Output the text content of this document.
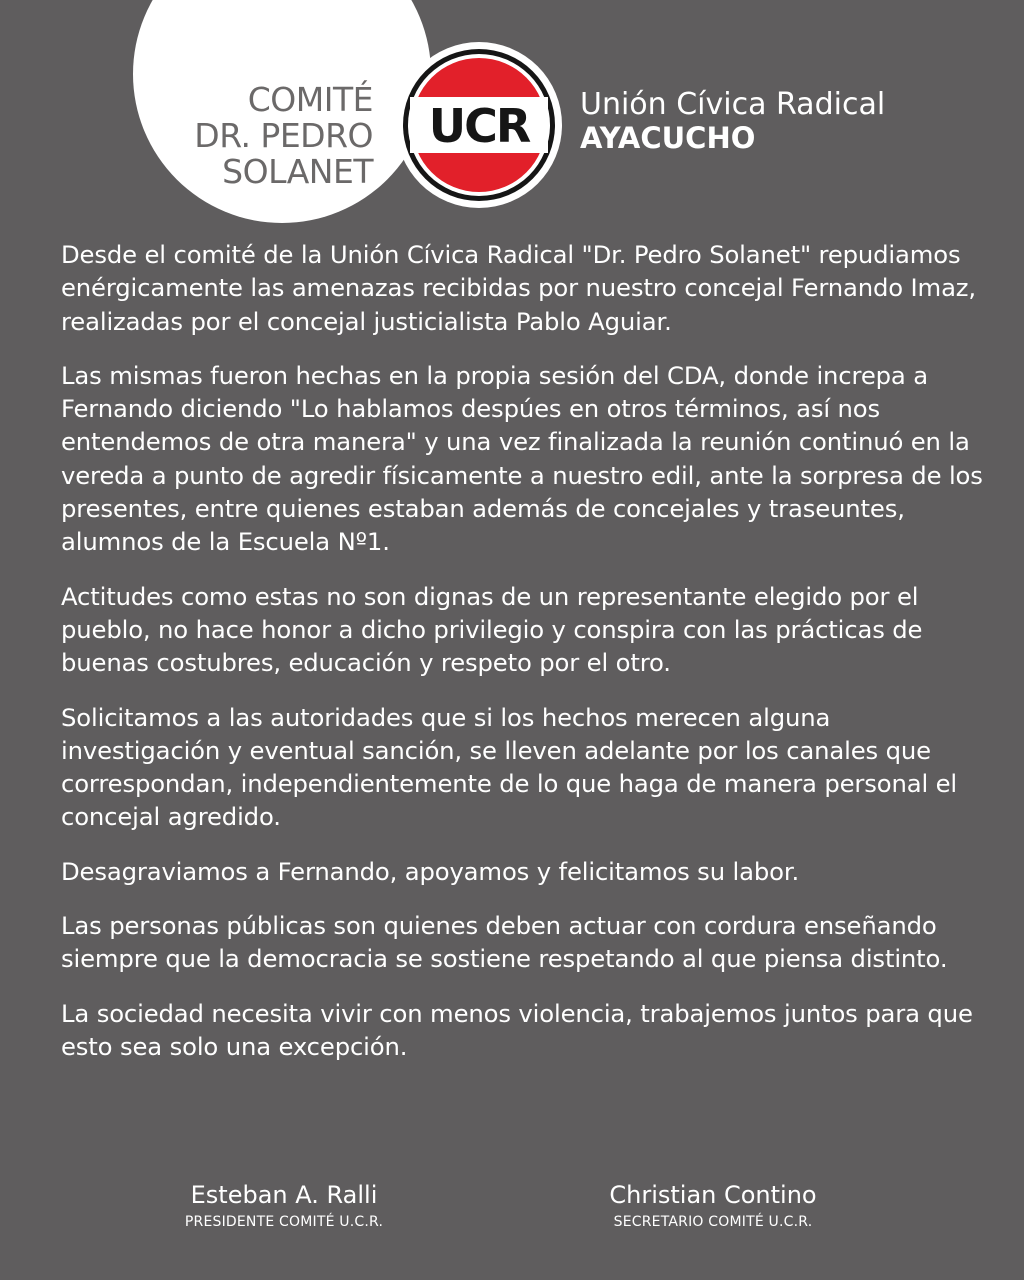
COMITÉ
DR. PEDRO
SOLANET
UCR Unión Cívica Radical
AYACUCHO

Desde el comité de la Unión Cívica Radical "Dr. Pedro Solanet" repudiamos enérgicamente las amenazas recibidas por nuestro concejal Fernando Imaz, realizadas por el concejal justicialista Pablo Aguiar.

Las mismas fueron hechas en la propia sesión del CDA, donde increpa a Fernando diciendo "Lo hablamos despúes en otros términos, así nos entendemos de otra manera" y una vez finalizada la reunión continuó en la vereda a punto de agredir físicamente a nuestro edil, ante la sorpresa de los presentes, entre quienes estaban además de concejales y traseuntes, alumnos de la Escuela Nº1.

Actitudes como estas no son dignas de un representante elegido por el pueblo, no hace honor a dicho privilegio y conspira con las prácticas de buenas costubres, educación y respeto por el otro.

Solicitamos a las autoridades que si los hechos merecen alguna investigación y eventual sanción, se lleven adelante por los canales que correspondan, independientemente de lo que haga de manera personal el concejal agredido.

Desagraviamos a Fernando, apoyamos y felicitamos su labor.

Las personas públicas son quienes deben actuar con cordura enseñando siempre que la democracia se sostiene respetando al que piensa distinto.

La sociedad necesita vivir con menos violencia, trabajemos juntos para que esto sea solo una excepción.

Esteban A. Ralli
PRESIDENTE COMITÉ U.C.R.
Christian Contino
SECRETARIO COMITÉ U.C.R.
